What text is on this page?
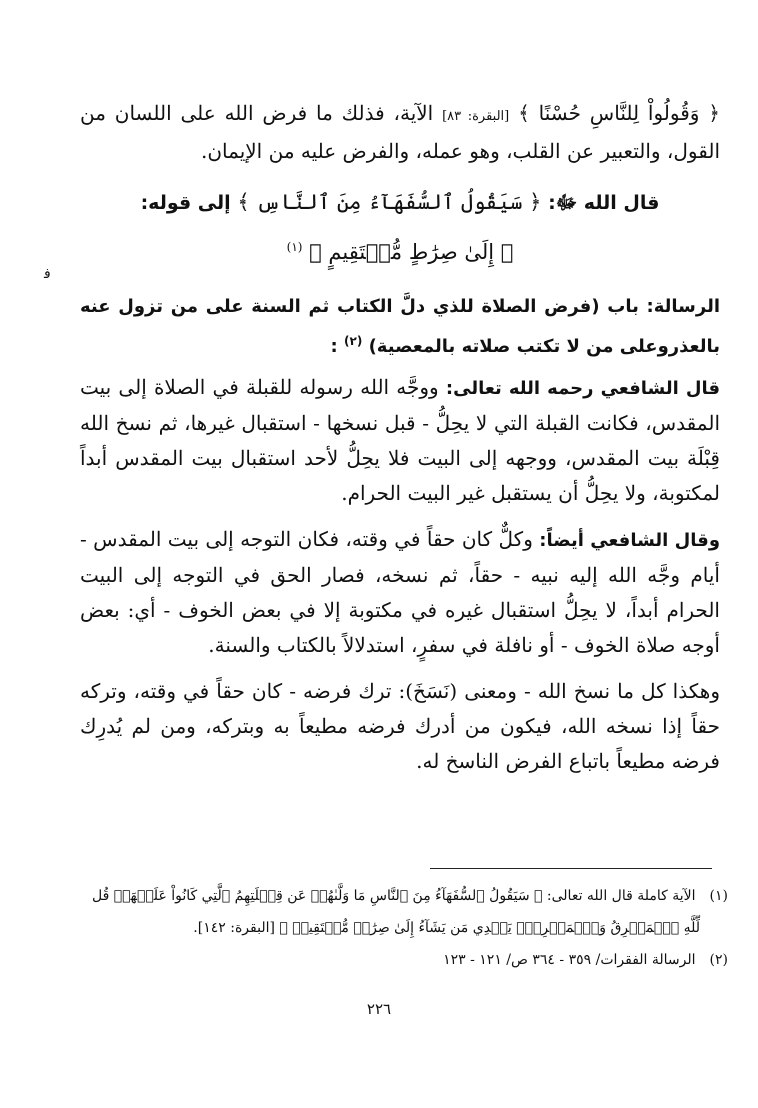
﴿ وَقُولُواْ لِلنَّاسِ حُسْنًا ﴾ [البقرة: ٨٣] الآية، فذلك ما فرض الله على اللسان من القول، والتعبير عن القلب، وهو عمله، والفرض عليه من الإيمان.
قال الله ﷻ: ﴿ سَيَقُولُ ٱلسُّفَهَآءُ مِنَ ٱلنَّاسِ ﴾ إلى قوله:
﴿ إِلَىٰ صِرَٰطٍ مُّسۡتَقِيمٍ ﴾ $^{(١)}$
ﻓ
الرسالة: باب (فرض الصلاة للذي دلَّ الكتاب ثم السنة على من تزول عنه بالعذروعلى من لا تكتب صلاته بالمعصية) $^{(٢)}$ :
قال الشافعي رحمه الله تعالى: ووجَّه الله رسوله للقبلة في الصلاة إلى بيت المقدس، فكانت القبلة التي لا يحِلُّ - قبل نسخها - استقبال غيرها، ثم نسخ الله قِبْلَة بيت المقدس، ووجهه إلى البيت فلا يحِلُّ لأحد استقبال بيت المقدس أبداً لمكتوبة، ولا يحِلُّ أن يستقبل غير البيت الحرام.
وقال الشافعي أيضاً: وكلٌّ كان حقاً في وقته، فكان التوجه إلى بيت المقدس - أيام وجَّه الله إليه نبيه - حقاً، ثم نسخه، فصار الحق في التوجه إلى البيت الحرام أبداً، لا يحِلُّ استقبال غيره في مكتوبة إلا في بعض الخوف - أي: بعض أوجه صلاة الخوف - أو نافلة في سفرٍ، استدلالاً بالكتاب والسنة.
وهكذا كل ما نسخ الله - ومعنى (نَسَخَ): ترك فرضه - كان حقاً في وقته، وتركه حقاً إذا نسخه الله، فيكون من أدرك فرضه مطيعاً به وبتركه، ومن لم يُدرِك فرضه مطيعاً باتباع الفرض الناسخ له.
(١) الآية كاملة قال الله تعالى: ﴿ سَيَقُولُ ٱلسُّفَهَآءُ مِنَ ٱلنَّاسِ مَا وَلَّىٰهُمۡ عَن قِبۡلَتِهِمُ ٱلَّتِي كَانُواْ عَلَيۡهَاۚ قُل
لِّلَّهِ ٱلۡمَشۡرِقُ وَٱلۡمَغۡرِبُۚ يَهۡدِي مَن يَشَآءُ إِلَىٰ صِرَٰطٖ مُّسۡتَقِيمٖ ﴾ [البقرة: ١٤٢].
(٢) الرسالة الفقرات/ ٣٥٩ - ٣٦٤ ص/ ١٢١ - ١٢٣
٢٢٦
